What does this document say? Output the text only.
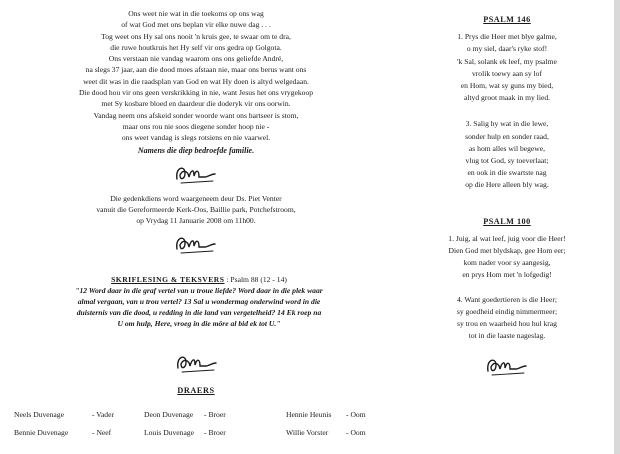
Ons weet nie wat in die toekoms op ons wag
of wat God met ons beplan vir elke nuwe dag . . .
Tog weet ons Hy sal ons nooit 'n kruis gee, te swaar om te dra,
die ruwe houtkruis het Hy self vir ons gedra op Golgota.
Ons verstaan nie vandag waarom ons ons geliefde André,
na slegs 37 jaar, aan die dood moes afstaan nie, maar ons berus want ons
weet dit was in die raadsplan van God en wat Hy doen is altyd welgedaan.
Die dood hou vir ons geen verskrikking in nie, want Jesus het ons vrygekoop
met Sy kosbare bloed en daardeur die doderyk vir ons oorwin.
Vandag neem ons afskeid sonder woorde want ons hartseer is stom,
maar ons rou nie soos diegene sonder hoop nie -
ons weet vandag is slegs rotsiens en nie vaarwel.
Namens die diep bedroefde familie.
Die gedenkdiens word waargeneem deur Ds. Piet Venter
vanuit die Gereformeerde Kerk-Oos, Baillie park, Potchefstroom,
op Vrydag 11 Januarie 2008 om 11h00.
SKRIFLESING & TEKSVERS : Psalm 88 (12 - 14)
"12 Word daar in die graf vertel van u troue liefde? Word daar in die plek waar
almal vergaan, van u trou vertel? 13 Sal u wondermag onderwind word in die
duisternis van die dood, u redding in die land van vergetelheid? 14 Ek roep na
U om hulp, Here, vroeg in die môre al bid ek tot U."
DRAERS
Neels Duvenage	- Vader	Deon Duvenage	- Broer	Hennie Heunis	- Oom
Bennie Duvenage	- Neef	Louis Duvenage	- Broer	Willie Vorster	- Oom
PSALM 146
1. Prys die Heer met blye galme,
o my siel, daar's ryke stof!
'k Sal, solank ek leef, my psalme
vrolik toewy aan sy lof
en Hom, wat sy guns my bied,
altyd groot maak in my lied.
3. Salig hy wat in die lewe,
sonder hulp en sonder raad,
as hom alles wil begewe,
vlug tot God, sy toeverlaat;
en ook in die swartste nag
op die Here alleen bly wag.
PSALM 100
1. Juig, al wat leef, juig voor die Heer!
Dien God met blydskap, gee Hom eer;
kom nader voor sy aangesig,
en prys Hom met 'n lofgedig!
4. Want goedertieren is die Heer;
sy goedheid eindig nimmermeer;
sy trou en waarheid hou hul krag
tot in die laaste nageslag.
